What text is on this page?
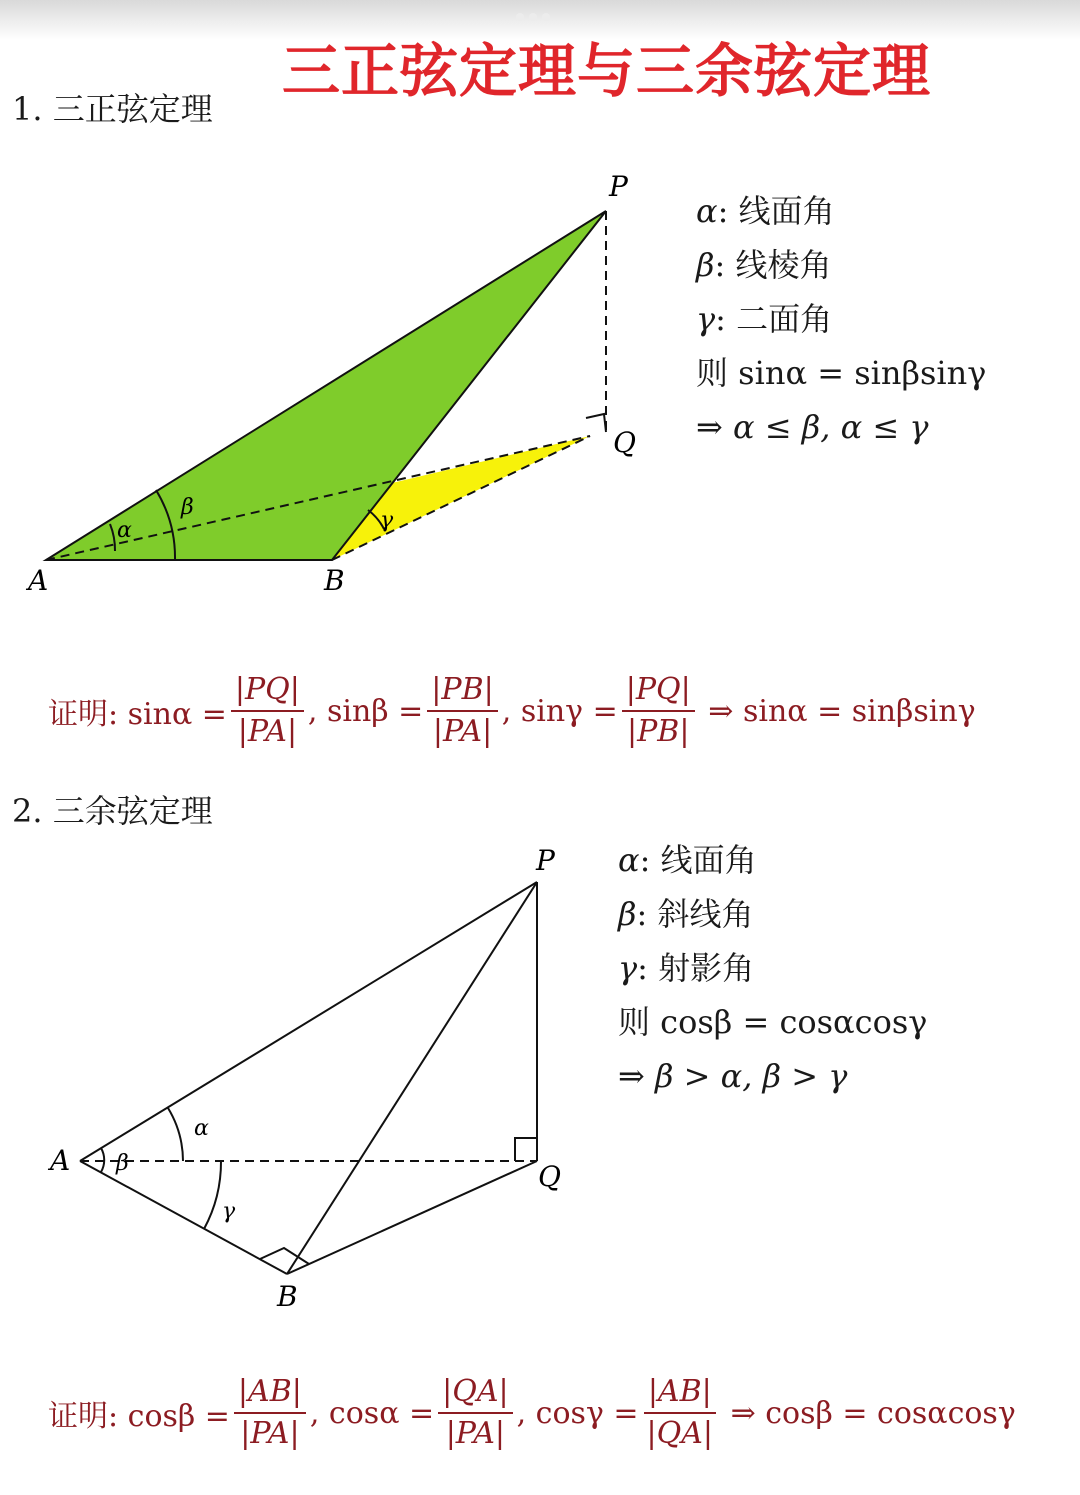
三正弦定理与三余弦定理
1. 三正弦定理
α
β
γ
P
Q
A	B
α: 线面角
β: 线棱角
γ: 二面角
则 sinα = sinβsinγ
⇒ α ≤ β, α ≤ γ
证明: $\sin\alpha = \frac{|PQ|}{|PA|}$ , $\sin\beta = \frac{|PB|}{|PA|}$ , $\sin\gamma = \frac{|PQ|}{|PB|}$ ⇒ sinα = sinβsinγ
2. 三余弦定理
α
β
γ
P
Q
A
B
α: 线面角
β: 斜线角
γ: 射影角
则 cosβ = cosαcosγ
⇒ β > α, β > γ
证明: $\cos\beta = \frac{|AB|}{|PA|}$ , $\cos\alpha = \frac{|QA|}{|PA|}$ , $\cos\gamma = \frac{|AB|}{|QA|}$ ⇒ cosβ = cosαcosγ
